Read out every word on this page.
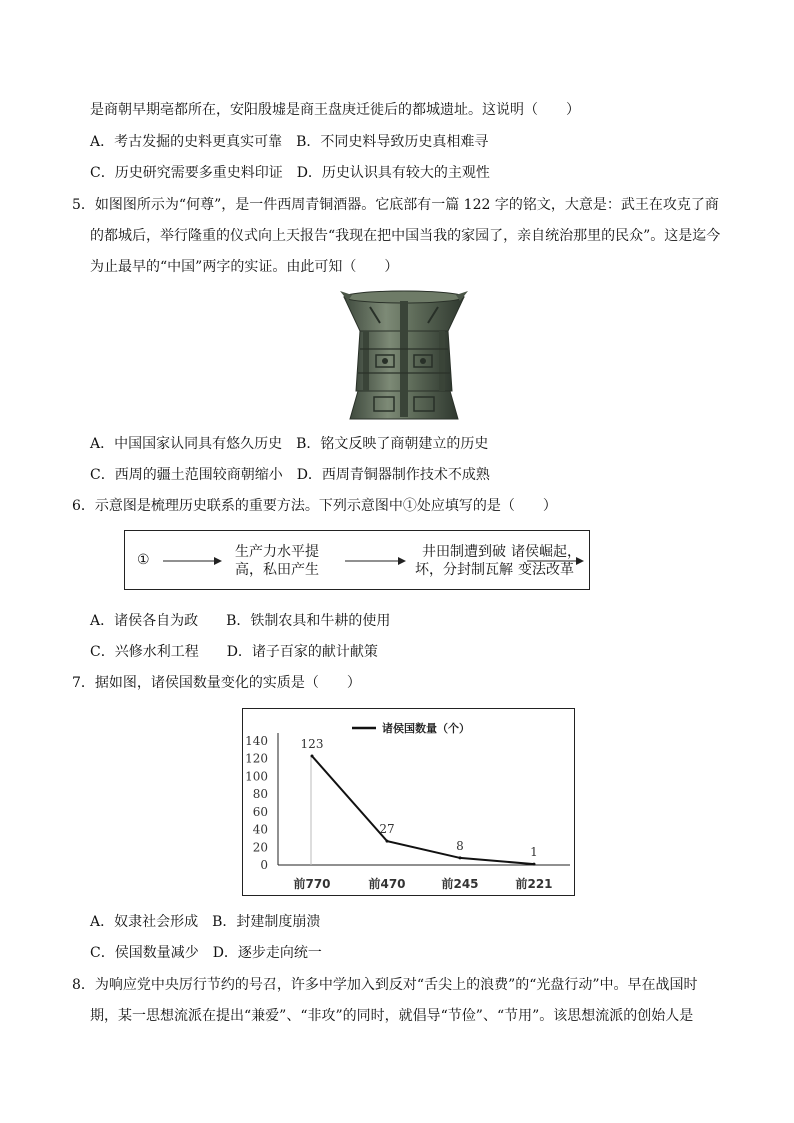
是商朝早期亳都所在，安阳殷墟是商王盘庚迁徙后的都城遗址。这说明（　　）
A．考古发掘的史料更真实可靠　B．不同史料导致历史真相难寻
C．历史研究需要多重史料印证　D．历史认识具有较大的主观性
5．如图图所示为“何尊”，是一件西周青铜酒器。它底部有一篇 122 字的铭文，大意是：武王在攻克了商
的都城后，举行隆重的仪式向上天报告“我现在把中国当我的家园了，亲自统治那里的民众”。这是迄今
为止最早的“中国”两字的实证。由此可知（　　）
A．中国国家认同具有悠久历史　B．铭文反映了商朝建立的历史
C．西周的疆土范围较商朝缩小　D．西周青铜器制作技术不成熟
6．示意图是梳理历史联系的重要方法。下列示意图中①处应填写的是（　　）
①	生产力水平提
高，私田产生
井田制遭到破
坏，分封制瓦解
诸侯崛起，
变法改革
A．诸侯各自为政　　B．铁制农具和牛耕的使用
C．兴修水利工程　　D．诸子百家的献计献策
7．据如图，诸侯国数量变化的实质是（　　）
0
20
40
60
80
100
120
140
前770	前470	前245	前221
诸侯国数量（个）
123
27
8	1
A．奴隶社会形成　B．封建制度崩溃
C．侯国数量减少　D．逐步走向统一
8．为响应党中央厉行节约的号召，许多中学加入到反对“舌尖上的浪费”的“光盘行动”中。早在战国时
期，某一思想流派在提出“兼爱”、“非攻”的同时，就倡导“节俭”、“节用”。该思想流派的创始人是
